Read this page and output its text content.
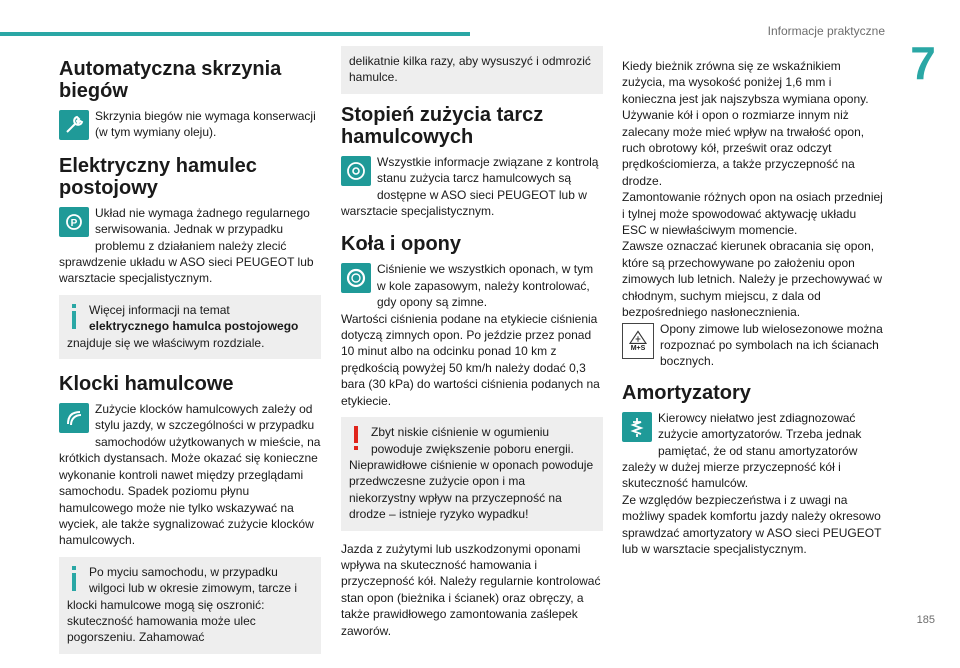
Informacje praktyczne
7
185
Automatyczna skrzynia biegów

Skrzynia biegów nie wymaga konserwacji (w tym wymiany oleju).

Elektryczny hamulec postojowy
P

Układ nie wymaga żadnego regularnego serwisowania. Jednak w przypadku problemu z działaniem należy zlecić sprawdzenie układu w ASO sieci PEUGEOT lub warsztacie specjalistycznym.

Więcej informacji na temat elektrycznego hamulca postojowego znajduje się we właściwym rozdziale.
Klocki hamulcowe

Zużycie klocków hamulcowych zależy od stylu jazdy, w szczególności w przypadku samochodów użytkowanych w mieście, na krótkich dystansach. Może okazać się konieczne wykonanie kontroli nawet między przeglądami samochodu. Spadek poziomu płynu hamulcowego może nie tylko wskazywać na wyciek, ale także sygnalizować zużycie klocków hamulcowych.

Po myciu samochodu, w przypadku wilgoci lub w okresie zimowym, tarcze i klocki hamulcowe mogą się oszronić: skuteczność hamowania może ulec pogorszeniu. Zahamować
delikatnie kilka razy, aby wysuszyć i odmrozić hamulce.
Stopień zużycia tarcz hamulcowych

Wszystkie informacje związane z kontrolą stanu zużycia tarcz hamulcowych są dostępne w ASO sieci PEUGEOT lub w warsztacie specjalistycznym.

Koła i opony

Ciśnienie we wszystkich oponach, w tym w kole zapasowym, należy kontrolować, gdy opony są zimne.

Wartości ciśnienia podane na etykiecie ciśnienia dotyczą zimnych opon. Po jeździe przez ponad 10 minut albo na odcinku ponad 10 km z prędkością powyżej 50 km/h należy dodać 0,3 bara (30 kPa) do wartości ciśnienia podanych na etykiecie.

Zbyt niskie ciśnienie w ogumieniu powoduje zwiększenie poboru energii. Nieprawidłowe ciśnienie w oponach powoduje przedwczesne zużycie opon i ma niekorzystny wpływ na przyczepność na drodze – istnieje ryzyko wypadku!

Jazda z zużytymi lub uszkodzonymi oponami wpływa na skuteczność hamowania i przyczepność kół. Należy regularnie kontrolować stan opon (bieżnika i ścianek) oraz obręczy, a także prawidłowego zamontowania zaślepek zaworów.

Kiedy bieżnik zrówna się ze wskaźnikiem zużycia, ma wysokość poniżej 1,6 mm i konieczna jest jak najszybsza wymiana opony.

Używanie kół i opon o rozmiarze innym niż zalecany może mieć wpływ na trwałość opon, ruch obrotowy kół, prześwit oraz odczyt prędkościomierza, a także przyczepność na drodze.

Zamontowanie różnych opon na osiach przedniej i tylnej może spowodować aktywację układu ESC w niewłaściwym momencie.

Zawsze oznaczać kierunek obracania się opon, które są przechowywane po założeniu opon zimowych lub letnich. Należy je przechowywać w chłodnym, suchym miejscu, z dala od bezpośredniego nasłonecznienia.

M+S

Opony zimowe lub wielosezonowe można rozpoznać po symbolach na ich ścianach bocznych.

Amortyzatory

Kierowcy niełatwo jest zdiagnozować zużycie amortyzatorów. Trzeba jednak pamiętać, że od stanu amortyzatorów zależy w dużej mierze przyczepność kół i skuteczność hamulców.

Ze względów bezpieczeństwa i z uwagi na możliwy spadek komfortu jazdy należy okresowo sprawdzać amortyzatory w ASO sieci PEUGEOT lub w warsztacie specjalistycznym.
